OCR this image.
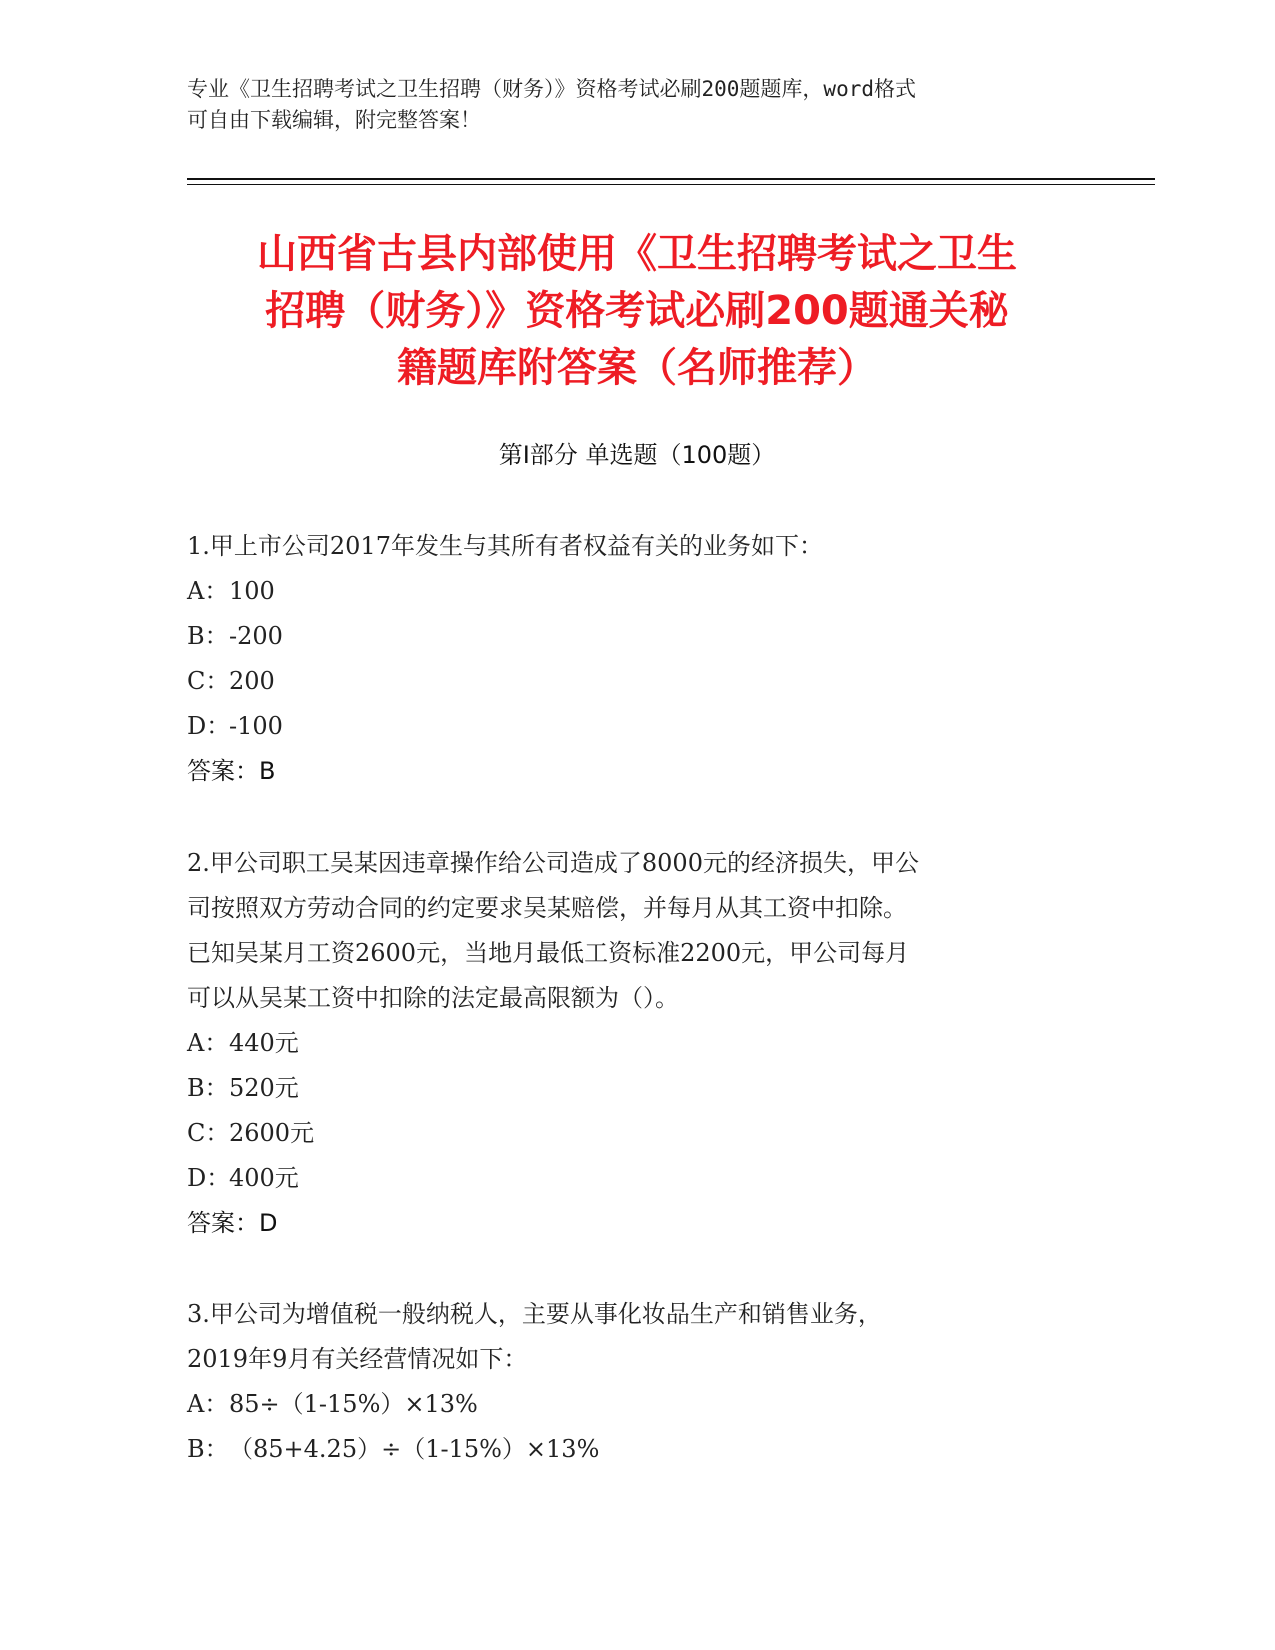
专业《卫生招聘考试之卫生招聘（财务）》资格考试必刷200题题库，word格式
可自由下载编辑，附完整答案！
山西省古县内部使用《卫生招聘考试之卫生
招聘（财务）》资格考试必刷200题通关秘
籍题库附答案（名师推荐）
第Ⅰ部分 单选题（100题）

1.甲上市公司2017年发生与其所有者权益有关的业务如下：

A：100

B：-200

C：200

D：-100

答案：B

2.甲公司职工吴某因违章操作给公司造成了8000元的经济损失，甲公

司按照双方劳动合同的约定要求吴某赔偿，并每月从其工资中扣除。

已知吴某月工资2600元，当地月最低工资标准2200元，甲公司每月

可以从吴某工资中扣除的法定最高限额为（）。

A：440元

B：520元

C：2600元

D：400元

答案：D

3.甲公司为增值税一般纳税人，主要从事化妆品生产和销售业务，

2019年9月有关经营情况如下：

A：85÷（1-15%）×13%

B：（85+4.25）÷（1-15%）×13%
